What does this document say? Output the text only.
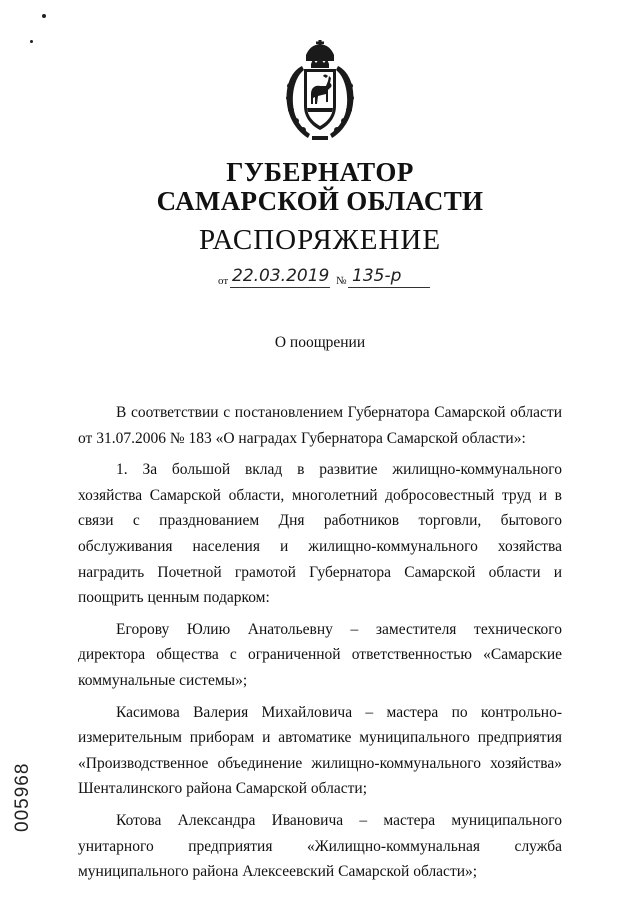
ГУБЕРНАТОР
САМАРСКОЙ ОБЛАСТИ
РАСПОРЯЖЕНИЕ
от 22.03.2019 № 135-р
О поощрении

В соответствии с постановлением Губернатора Самарской области от 31.07.2006 № 183 «О наградах Губернатора Самарской области»:

1. За большой вклад в развитие жилищно-коммунального хозяйства Самарской области, многолетний добросовестный труд и в связи с празднованием Дня работников торговли, бытового обслуживания населения и жилищно-коммунального хозяйства наградить Почетной грамотой Губернатора Самарской области и поощрить ценным подарком:

Егорову Юлию Анатольевну – заместителя технического директора общества с ограниченной ответственностью «Самарские коммунальные системы»;

Касимова Валерия Михайловича – мастера по контрольно-измерительным приборам и автоматике муниципального предприятия «Производственное объединение жилищно-коммунального хозяйства» Шенталинского района Самарской области;

Котова Александра Ивановича – мастера муниципального унитарного предприятия «Жилищно-коммунальная служба муниципального района Алексеевский Самарской области»;

005968
